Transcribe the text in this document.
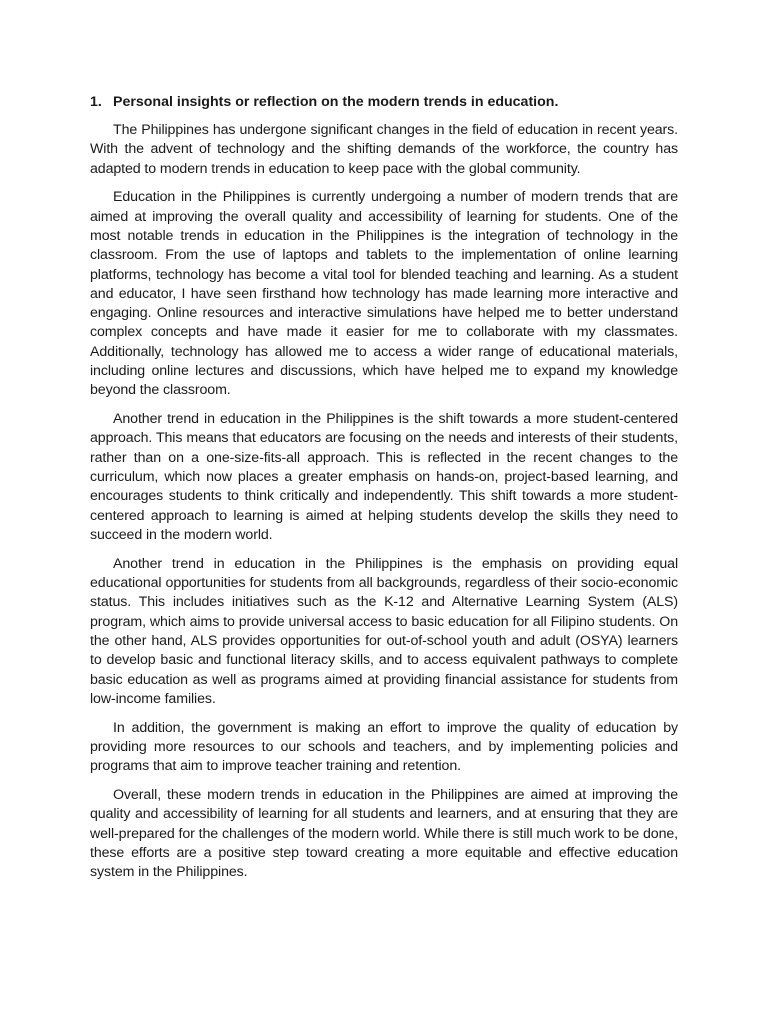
1. Personal insights or reflection on the modern trends in education.

The Philippines has undergone significant changes in the field of education in recent years. With the advent of technology and the shifting demands of the workforce, the country has adapted to modern trends in education to keep pace with the global community.

Education in the Philippines is currently undergoing a number of modern trends that are aimed at improving the overall quality and accessibility of learning for students. One of the most notable trends in education in the Philippines is the integration of technology in the classroom. From the use of laptops and tablets to the implementation of online learning platforms, technology has become a vital tool for blended teaching and learning. As a student and educator, I have seen firsthand how technology has made learning more interactive and engaging. Online resources and interactive simulations have helped me to better understand complex concepts and have made it easier for me to collaborate with my classmates. Additionally, technology has allowed me to access a wider range of educational materials, including online lectures and discussions, which have helped me to expand my knowledge beyond the classroom.

Another trend in education in the Philippines is the shift towards a more student-centered approach. This means that educators are focusing on the needs and interests of their students, rather than on a one-size-fits-all approach. This is reflected in the recent changes to the curriculum, which now places a greater emphasis on hands-on, project-based learning, and encourages students to think critically and independently. This shift towards a more student-centered approach to learning is aimed at helping students develop the skills they need to succeed in the modern world.

Another trend in education in the Philippines is the emphasis on providing equal educational opportunities for students from all backgrounds, regardless of their socio-economic status. This includes initiatives such as the K-12 and Alternative Learning System (ALS) program, which aims to provide universal access to basic education for all Filipino students. On the other hand, ALS provides opportunities for out-of-school youth and adult (OSYA) learners to develop basic and functional literacy skills, and to access equivalent pathways to complete basic education as well as programs aimed at providing financial assistance for students from low-income families.

In addition, the government is making an effort to improve the quality of education by providing more resources to our schools and teachers, and by implementing policies and programs that aim to improve teacher training and retention.

Overall, these modern trends in education in the Philippines are aimed at improving the quality and accessibility of learning for all students and learners, and at ensuring that they are well-prepared for the challenges of the modern world. While there is still much work to be done, these efforts are a positive step toward creating a more equitable and effective education system in the Philippines.
